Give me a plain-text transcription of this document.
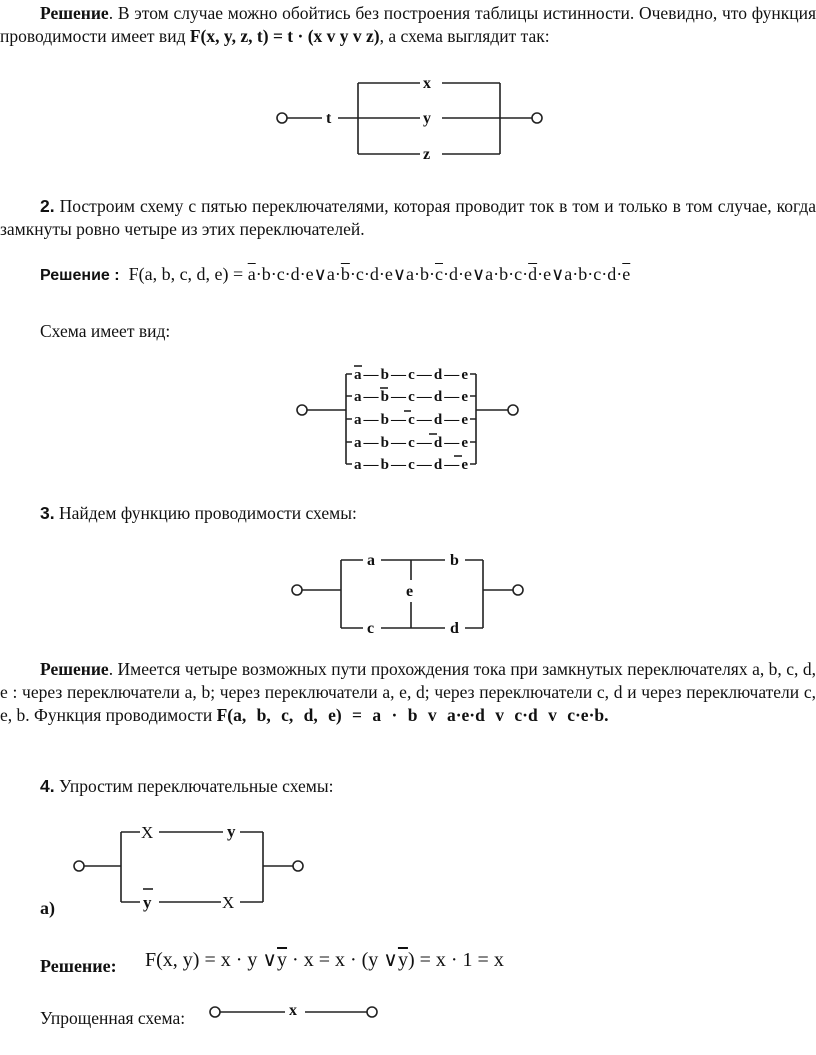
Решение. В этом случае можно обойтись без построения таблицы истинности. Очевидно, что функция проводимости имеет вид F(x, y, z, t) = t · (x v y v z), а схема выглядит так:

t
x
y
z

2. Построим схему с пятью переключателями, которая проводит ток в том и только в том случае, когда замкнуты ровно четыре из этих переключателей.

Решение : F(a, b, c, d, $e) = \overline{a}\cdot b\cdot c\cdot d\cdot e\vee a\cdot\overline{b}\cdot c\cdot d\cdot e\vee a\cdot b\cdot\overline{c}\cdot d\cdot e\vee a\cdot b\cdot c\cdot\overline{d}\cdot e\vee a\cdot b\cdot c\cdot d\cdot\overline{e}$

Схема имеет вид:

a—b—c—d—e
a—b—c—d—e
a—b—c—d—e
a—b—c—d—e
a—b—c—d—e

3. Найдем функцию проводимости схемы:

a	b
c	d
e

Решение. Имеется четыре возможных пути прохождения тока при замкнутых переключателях a, b, c, d, e : через переключатели a, b; через переключатели a, e, d; через переключатели c, d и через переключатели c, e, b. Функция проводимости F(a, b, c, d, e) = a · b v a·e·d v c·d v c·e·b.

4. Упростим переключательные схемы:

X	y
y	X
a)
Решение: F(x, y) = x · y $\vee\overline{y} \cdot x = x \cdot (y$ $\vee\overline{y}) = x \cdot 1 = x$
Упрощенная схема:	x
